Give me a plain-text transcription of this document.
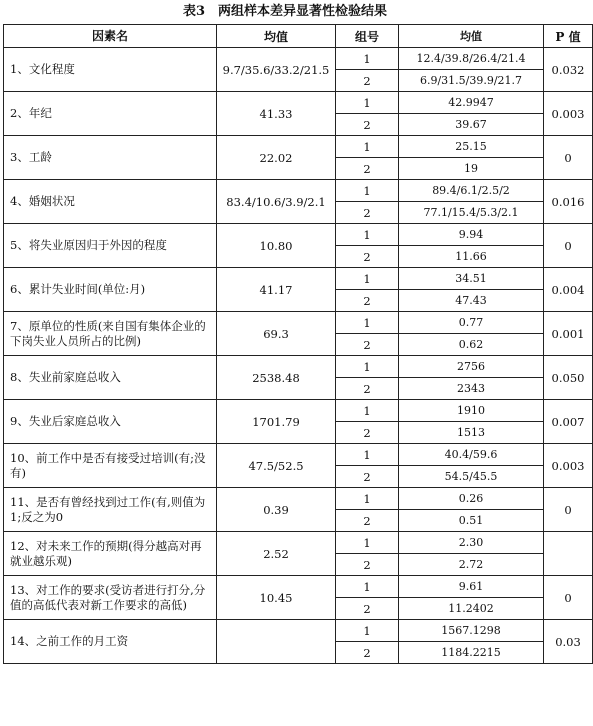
表3　两组样本差异显著性检验结果
因素名	均值	组号	均值	P 值
1、文化程度	9.7/35.6/33.2/21.5	1	12.4/39.8/26.4/21.4	0.032
		2	6.9/31.5/39.9/21.7	
2、年纪	41.33	1	42.9947	0.003
		2	39.67	
3、工龄	22.02	1	25.15	0
		2	19	
4、婚姻状况	83.4/10.6/3.9/2.1	1	89.4/6.1/2.5/2	0.016
		2	77.1/15.4/5.3/2.1	
5、将失业原因归于外因的程度	10.80	1	9.94	0
		2	11.66	
6、累计失业时间(单位:月)	41.17	1	34.51	0.004
		2	47.43	
7、原单位的性质(来自国有集体企业的下岗失业人员所占的比例)	69.3	1	0.77	0.001
		2	0.62	
8、失业前家庭总收入	2538.48	1	2756	0.050
		2	2343	
9、失业后家庭总收入	1701.79	1	1910	0.007
		2	1513	
10、前工作中是否有接受过培训(有;没有)	47.5/52.5	1	40.4/59.6	0.003
		2	54.5/45.5	
11、是否有曾经找到过工作(有,则值为1;反之为0	0.39	1	0.26	0
		2	0.51	
12、对未来工作的预期(得分越高对再就业越乐观)	2.52	1	2.30	
		2	2.72	
13、对工作的要求(受访者进行打分,分值的高低代表对新工作要求的高低)	10.45	1	9.61	0
		2	11.2402	
14、之前工作的月工资		1	1567.1298	0.03
		2	1184.2215	
